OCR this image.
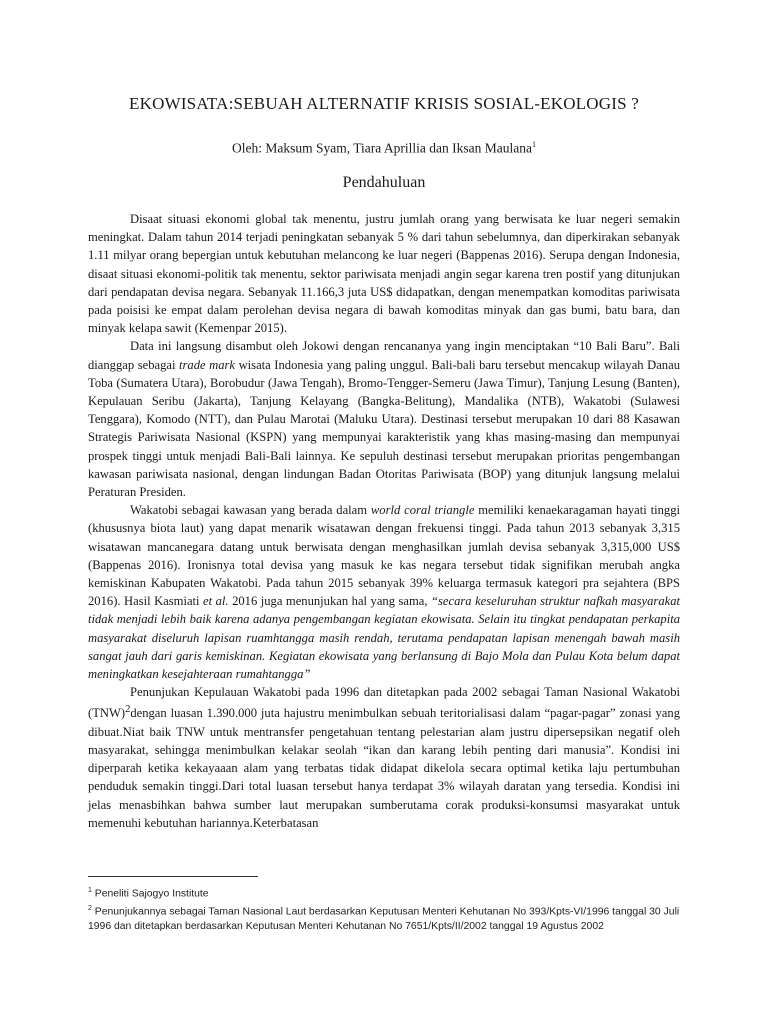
EKOWISATA:SEBUAH ALTERNATIF KRISIS SOSIAL-EKOLOGIS ?

Oleh: Maksum Syam, Tiara Aprillia dan Iksan Maulana$^1$

Pendahuluan

Disaat situasi ekonomi global tak menentu, justru jumlah orang yang berwisata ke luar negeri semakin meningkat. Dalam tahun 2014 terjadi peningkatan sebanyak 5 % dari tahun sebelumnya, dan diperkirakan sebanyak 1.11 milyar orang bepergian untuk kebutuhan melancong ke luar negeri (Bappenas 2016). Serupa dengan Indonesia, disaat situasi ekonomi-politik tak menentu, sektor pariwisata menjadi angin segar karena tren postif yang ditunjukan dari pendapatan devisa negara. Sebanyak 11.166,3 juta US$ didapatkan, dengan menempatkan komoditas pariwisata pada poisisi ke empat dalam perolehan devisa negara di bawah komoditas minyak dan gas bumi, batu bara, dan minyak kelapa sawit (Kemenpar 2015).

Data ini langsung disambut oleh Jokowi dengan rencananya yang ingin menciptakan “10 Bali Baru”. Bali dianggap sebagai trade mark wisata Indonesia yang paling unggul. Bali-bali baru tersebut mencakup wilayah Danau Toba (Sumatera Utara), Borobudur (Jawa Tengah), Bromo-Tengger-Semeru (Jawa Timur), Tanjung Lesung (Banten), Kepulauan Seribu (Jakarta), Tanjung Kelayang (Bangka-Belitung), Mandalika (NTB), Wakatobi (Sulawesi Tenggara), Komodo (NTT), dan Pulau Marotai (Maluku Utara). Destinasi tersebut merupakan 10 dari 88 Kasawan Strategis Pariwisata Nasional (KSPN) yang mempunyai karakteristik yang khas masing-masing dan mempunyai prospek tinggi untuk menjadi Bali-Bali lainnya. Ke sepuluh destinasi tersebut merupakan prioritas pengembangan kawasan pariwisata nasional, dengan lindungan Badan Otoritas Pariwisata (BOP) yang ditunjuk langsung melalui Peraturan Presiden.

Wakatobi sebagai kawasan yang berada dalam world coral triangle memiliki kenaekaragaman hayati tinggi (khususnya biota laut) yang dapat menarik wisatawan dengan frekuensi tinggi. Pada tahun 2013 sebanyak 3,315 wisatawan mancanegara datang untuk berwisata dengan menghasilkan jumlah devisa sebanyak 3,315,000 US$ (Bappenas 2016). Ironisnya total devisa yang masuk ke kas negara tersebut tidak signifikan merubah angka kemiskinan Kabupaten Wakatobi. Pada tahun 2015 sebanyak 39% keluarga termasuk kategori pra sejahtera (BPS 2016). Hasil Kasmiati et al. 2016 juga menunjukan hal yang sama, “secara keseluruhan struktur nafkah masyarakat tidak menjadi lebih baik karena adanya pengembangan kegiatan ekowisata. Selain itu tingkat pendapatan perkapita masyarakat diseluruh lapisan ruamhtangga masih rendah, terutama pendapatan lapisan menengah bawah masih sangat jauh dari garis kemiskinan. Kegiatan ekowisata yang berlansung di Bajo Mola dan Pulau Kota belum dapat meningkatkan kesejahteraan rumahtangga”

Penunjukan Kepulauan Wakatobi pada 1996 dan ditetapkan pada 2002 sebagai Taman Nasional Wakatobi (TNW)$^2$dengan luasan 1.390.000 juta hajustru menimbulkan sebuah teritorialisasi dalam “pagar-pagar” zonasi yang dibuat.Niat baik TNW untuk mentransfer pengetahuan tentang pelestarian alam justru dipersepsikan negatif oleh masyarakat, sehingga menimbulkan kelakar seolah “ikan dan karang lebih penting dari manusia”. Kondisi ini diperparah ketika kekayaaan alam yang terbatas tidak didapat dikelola secara optimal ketika laju pertumbuhan penduduk semakin tinggi.Dari total luasan tersebut hanya terdapat 3% wilayah daratan yang tersedia. Kondisi ini jelas menasbihkan bahwa sumber laut merupakan sumberutama corak produksi-konsumsi masyarakat untuk memenuhi kebutuhan hariannya.Keterbatasan

$^1$ Peneliti Sajogyo Institute
$^2$ Penunjukannya sebagai Taman Nasional Laut berdasarkan Keputusan Menteri Kehutanan No 393/Kpts-VI/1996 tanggal 30 Juli 1996 dan ditetapkan berdasarkan Keputusan Menteri Kehutanan No 7651/Kpts/II/2002 tanggal 19 Agustus 2002
